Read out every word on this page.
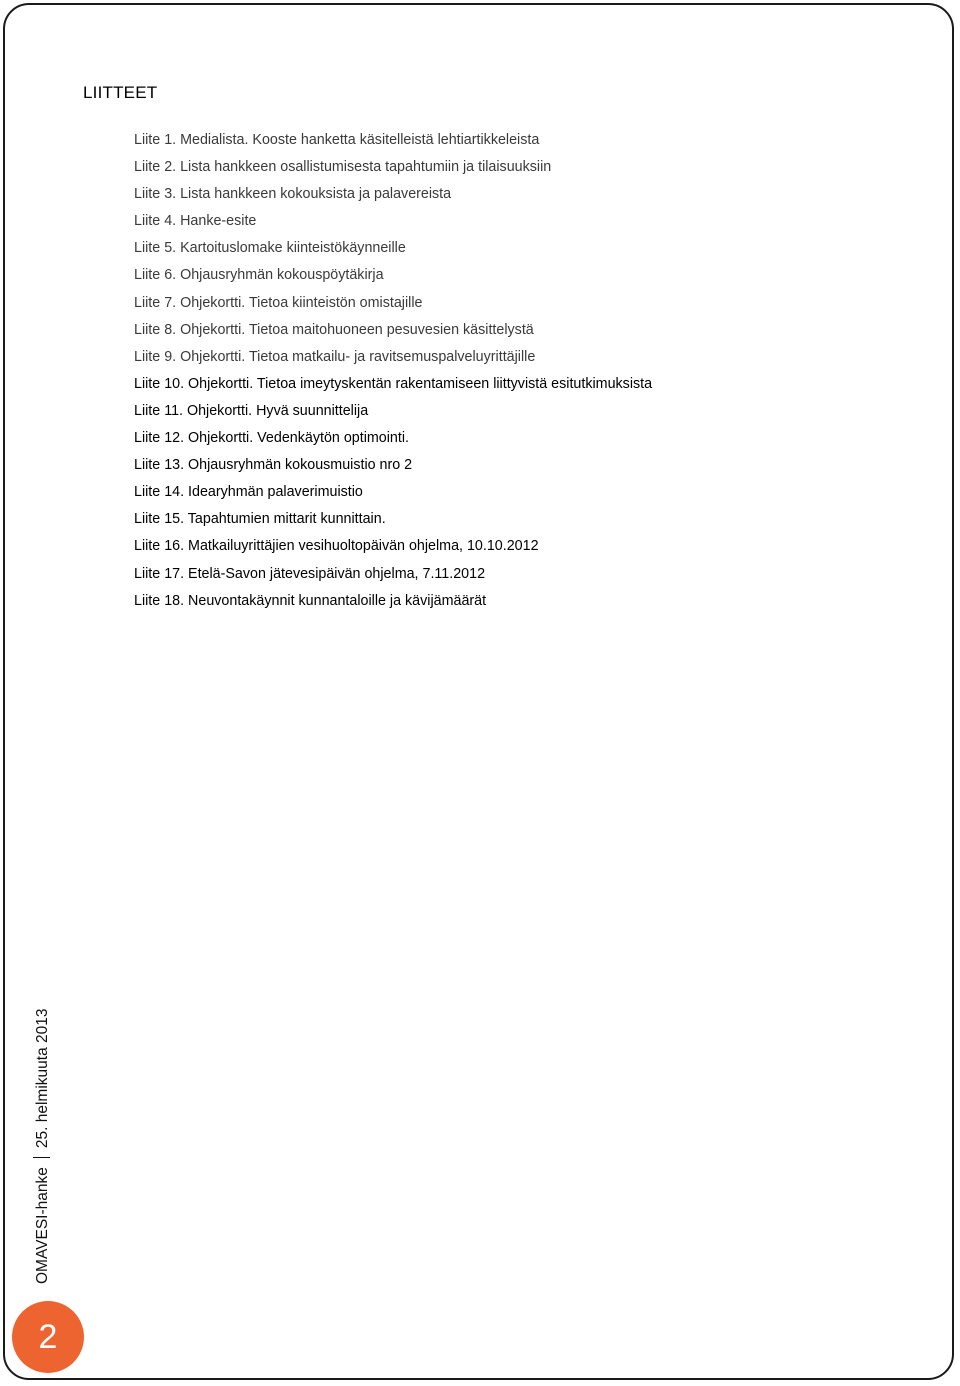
LIITTEET
Liite 1. Medialista. Kooste hanketta käsitelleistä lehtiartikkeleista
Liite 2. Lista hankkeen osallistumisesta tapahtumiin ja tilaisuuksiin
Liite 3. Lista hankkeen kokouksista ja palavereista
Liite 4. Hanke-esite
Liite 5. Kartoituslomake kiinteistökäynneille
Liite 6. Ohjausryhmän kokouspöytäkirja
Liite 7. Ohjekortti. Tietoa kiinteistön omistajille
Liite 8. Ohjekortti. Tietoa maitohuoneen pesuvesien käsittelystä
Liite 9. Ohjekortti. Tietoa matkailu- ja ravitsemuspalveluyrittäjille
Liite 10. Ohjekortti. Tietoa imeytyskentän rakentamiseen liittyvistä esitutkimuksista
Liite 11. Ohjekortti. Hyvä suunnittelija
Liite 12. Ohjekortti. Vedenkäytön optimointi.
Liite 13. Ohjausryhmän kokousmuistio nro 2
Liite 14. Idearyhmän palaverimuistio
Liite 15. Tapahtumien mittarit kunnittain.
Liite 16. Matkailuyrittäjien vesihuoltopäivän ohjelma, 10.10.2012
Liite 17. Etelä-Savon jätevesipäivän ohjelma, 7.11.2012
Liite 18. Neuvontakäynnit kunnantaloille ja kävijämäärät
OMAVESI-hanke25. helmikuuta 2013
2
